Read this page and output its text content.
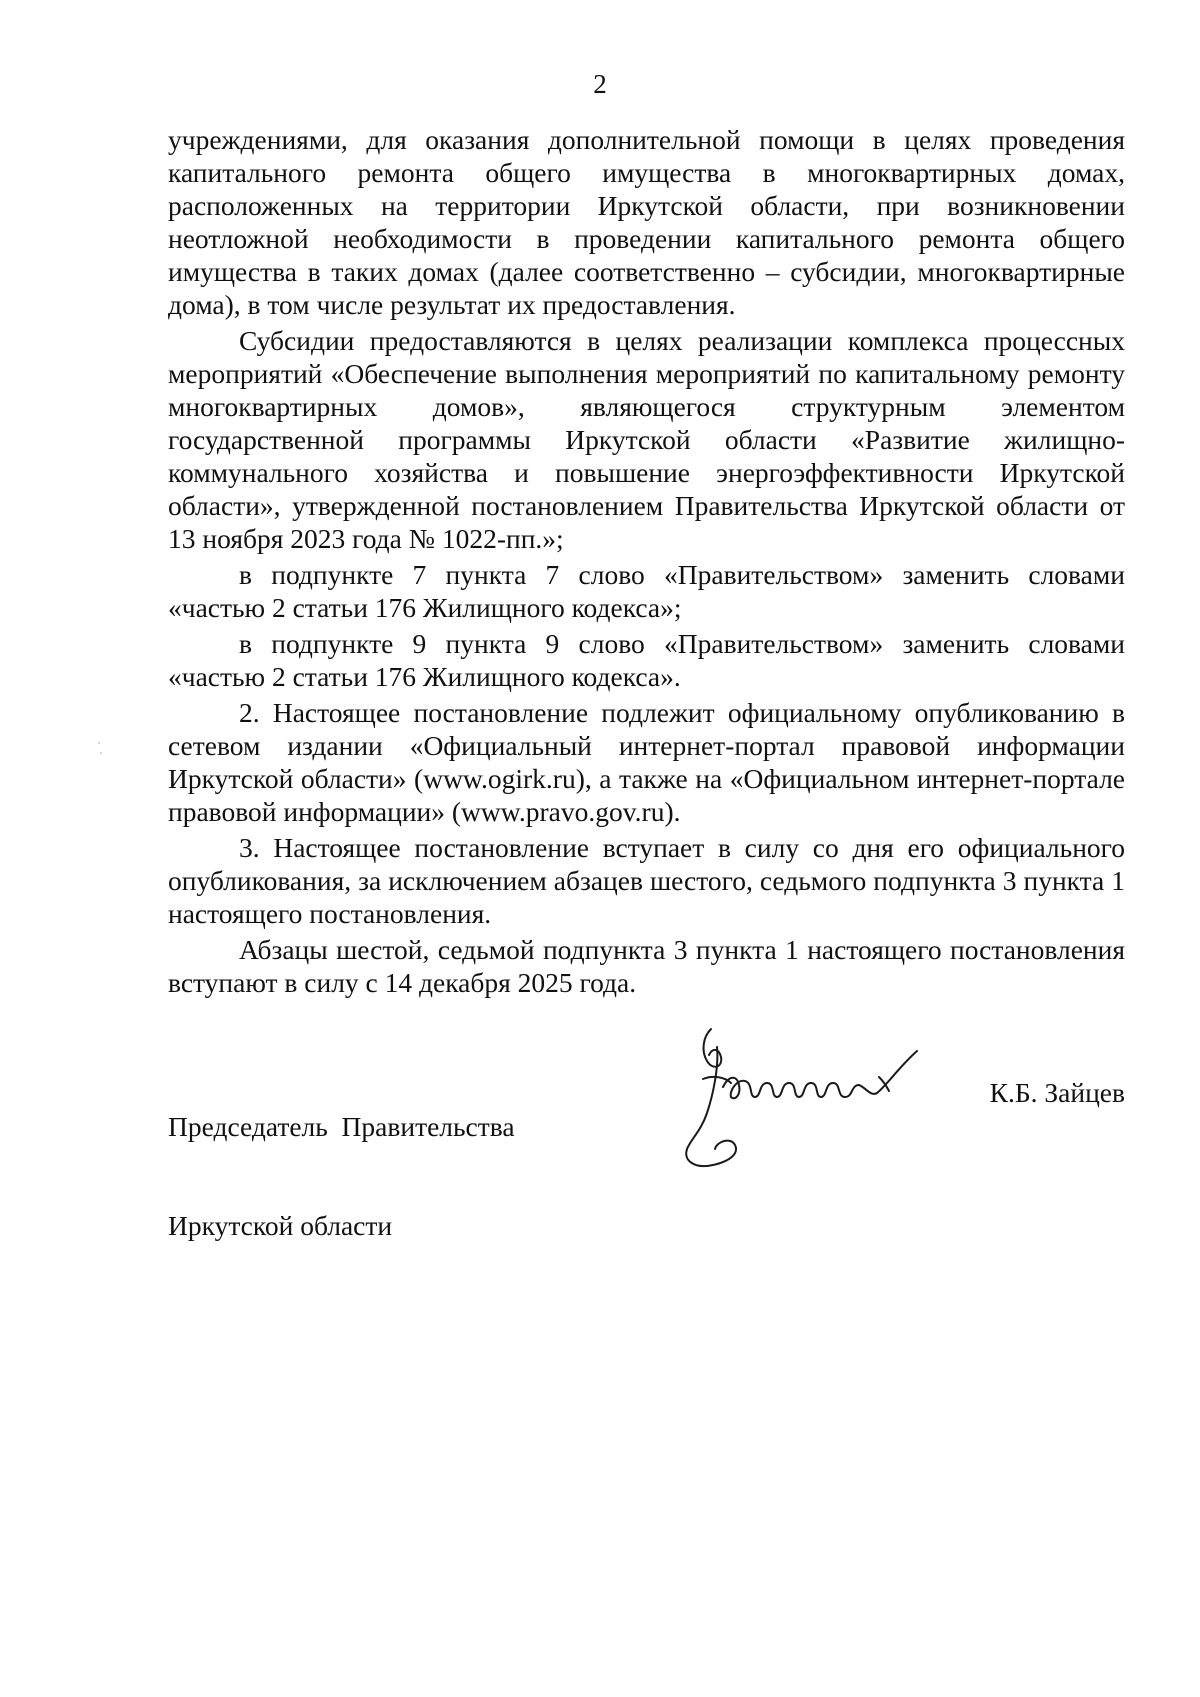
2

учреждениями, для оказания дополнительной помощи в целях проведения капитального ремонта общего имущества в многоквартирных домах, расположенных на территории Иркутской области, при возникновении неотложной необходимости в проведении капитального ремонта общего имущества в таких домах (далее соответственно – субсидии, многоквартирные дома), в том числе результат их предоставления.

Субсидии предоставляются в целях реализации комплекса процессных мероприятий «Обеспечение выполнения мероприятий по капитальному ремонту многоквартирных домов», являющегося структурным элементом государственной программы Иркутской области «Развитие жилищно-коммунального хозяйства и повышение энергоэффективности Иркутской области», утвержденной постановлением Правительства Иркутской области от 13 ноября 2023 года № 1022-пп.»;

в подпункте 7 пункта 7 слово «Правительством» заменить словами «частью 2 статьи 176 Жилищного кодекса»;

в подпункте 9 пункта 9 слово «Правительством» заменить словами «частью 2 статьи 176 Жилищного кодекса».

2. Настоящее постановление подлежит официальному опубликованию в сетевом издании «Официальный интернет-портал правовой информации Иркутской области» (www.ogirk.ru), а также на «Официальном интернет-портале правовой информации» (www.pravo.gov.ru).

3. Настоящее постановление вступает в силу со дня его официального опубликования, за исключением абзацев шестого, седьмого подпункта 3 пункта 1 настоящего постановления.

Абзацы шестой, седьмой подпункта 3 пункта 1 настоящего постановления вступают в силу с 14 декабря 2025 года.

Председатель  Правительства

Иркутской области

К.Б. Зайцев
